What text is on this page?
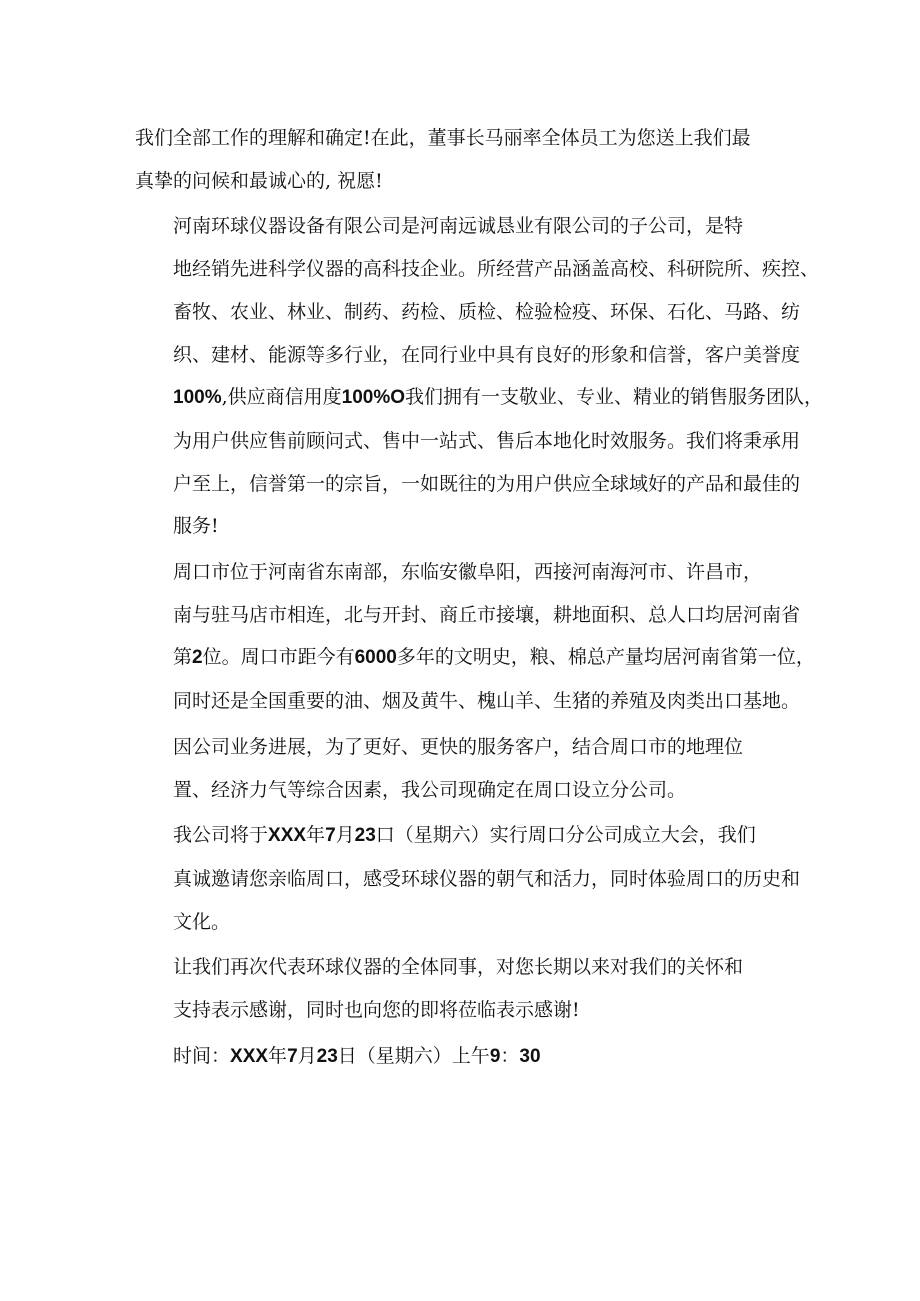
我们全部工作的理解和确定!在此，董事长马丽率全体员工为您送上我们最
真挚的问候和最诚心的, 祝愿!

河南环球仪器设备有限公司是河南远诚恳业有限公司的子公司，是特
地经销先进科学仪器的高科技企业。所经营产品涵盖高校、科研院所、疾控、
畜牧、农业、林业、制药、药检、质检、检验检疫、环保、石化、马路、纺
织、建材、能源等多行业，在同行业中具有良好的形象和信誉，客户美誉度
100%,供应商信用度100%O我们拥有一支敬业、专业、精业的销售服务团队，
为用户供应售前顾问式、售中一站式、售后本地化时效服务。我们将秉承用
户至上，信誉第一的宗旨，一如既往的为用户供应全球域好的产品和最佳的
服务!

周口市位于河南省东南部，东临安徽阜阳，西接河南海河市、许昌市，
南与驻马店市相连，北与开封、商丘市接壤，耕地面积、总人口均居河南省
第2位。周口市距今有6000多年的文明史，粮、棉总产量均居河南省第一位，
同时还是全国重要的油、烟及黄牛、槐山羊、生猪的养殖及肉类出口基地。

因公司业务进展，为了更好、更快的服务客户，结合周口市的地理位
置、经济力气等综合因素，我公司现确定在周口设立分公司。

我公司将于XXX年7月23口（星期六）实行周口分公司成立大会，我们
真诚邀请您亲临周口，感受环球仪器的朝气和活力，同时体验周口的历史和
文化。

让我们再次代表环球仪器的全体同事，对您长期以来对我们的关怀和
支持表示感谢，同时也向您的即将莅临表示感谢!

时间：XXX年7月23日（星期六）上午9：30
